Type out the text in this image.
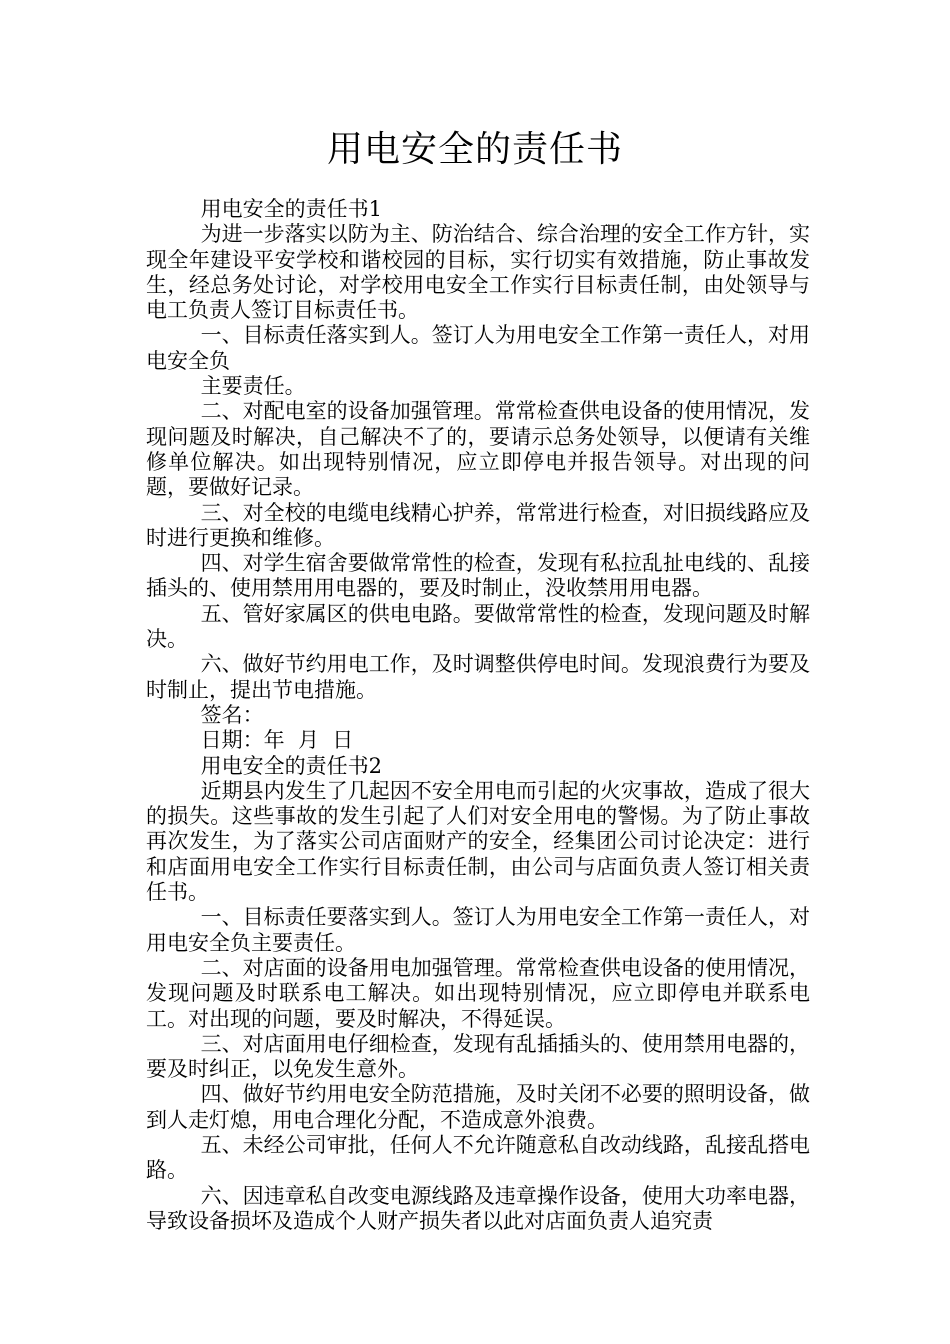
用电安全的责任书

用电安全的责任书1

为进一步落实以防为主、防治结合、综合治理的安全工作方针，实现全年建设平安学校和谐校园的目标，实行切实有效措施，防止事故发生，经总务处讨论，对学校用电安全工作实行目标责任制，由处领导与电工负责人签订目标责任书。

一、目标责任落实到人。签订人为用电安全工作第一责任人，对用电安全负

主要责任。

二、对配电室的设备加强管理。常常检查供电设备的使用情况，发现问题及时解决，自己解决不了的，要请示总务处领导，以便请有关维修单位解决。如出现特别情况，应立即停电并报告领导。对出现的问题，要做好记录。

三、对全校的电缆电线精心护养，常常进行检查，对旧损线路应及时进行更换和维修。

四、对学生宿舍要做常常性的检查，发现有私拉乱扯电线的、乱接插头的、使用禁用用电器的，要及时制止，没收禁用用电器。

五、管好家属区的供电电路。要做常常性的检查，发现问题及时解决。

六、做好节约用电工作，及时调整供停电时间。发现浪费行为要及时制止，提出节电措施。

签名：

日期：年  月  日

用电安全的责任书2

近期县内发生了几起因不安全用电而引起的火灾事故，造成了很大的损失。这些事故的发生引起了人们对安全用电的警惕。为了防止事故再次发生，为了落实公司店面财产的安全，经集团公司讨论决定：进行和店面用电安全工作实行目标责任制，由公司与店面负责人签订相关责任书。

一、目标责任要落实到人。签订人为用电安全工作第一责任人，对用电安全负主要责任。

二、对店面的设备用电加强管理。常常检查供电设备的使用情况，发现问题及时联系电工解决。如出现特别情况，应立即停电并联系电工。对出现的问题，要及时解决，不得延误。

三、对店面用电仔细检查，发现有乱插插头的、使用禁用电器的，要及时纠正，以免发生意外。

四、做好节约用电安全防范措施，及时关闭不必要的照明设备，做到人走灯熄，用电合理化分配，不造成意外浪费。

五、未经公司审批，任何人不允许随意私自改动线路，乱接乱搭电路。

六、因违章私自改变电源线路及违章操作设备，使用大功率电器，导致设备损坏及造成个人财产损失者以此对店面负责人追究责
